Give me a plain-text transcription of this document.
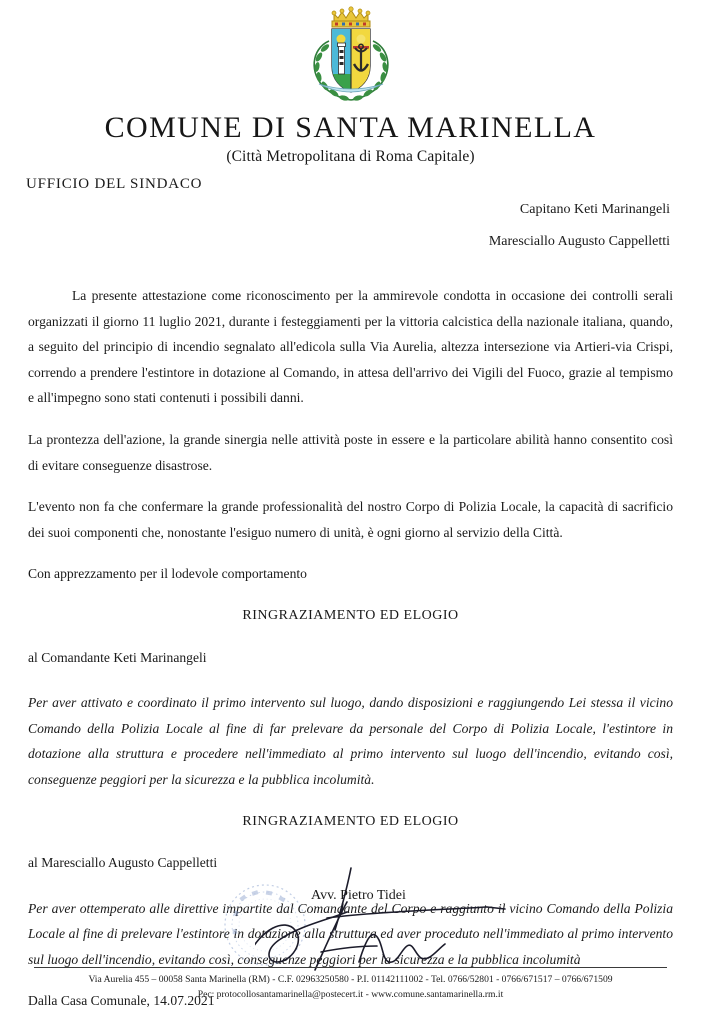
COMUNE DI SANTA MARINELLA
(Città Metropolitana di Roma Capitale)
UFFICIO DEL SINDACO
Capitano Keti Marinangeli
Maresciallo Augusto Cappelletti

La presente attestazione come riconoscimento per la ammirevole condotta in occasione dei controlli serali organizzati il giorno 11 luglio 2021, durante i festeggiamenti per la vittoria calcistica della nazionale italiana, quando, a seguito del principio di incendio segnalato all'edicola sulla Via Aurelia, altezza intersezione via Artieri-via Crispi, correndo a prendere l'estintore in dotazione al Comando, in attesa dell'arrivo dei Vigili del Fuoco, grazie al tempismo e all'impegno sono stati contenuti i possibili danni.

La prontezza dell'azione, la grande sinergia nelle attività poste in essere e la particolare abilità hanno consentito così di evitare conseguenze disastrose.

L'evento non fa che confermare la grande professionalità del nostro Corpo di Polizia Locale, la capacità di sacrificio dei suoi componenti che, nonostante l'esiguo numero di unità, è ogni giorno al servizio della Città.

Con apprezzamento per il lodevole comportamento

RINGRAZIAMENTO ED ELOGIO

al Comandante Keti Marinangeli

Per aver attivato e coordinato il primo intervento sul luogo, dando disposizioni e raggiungendo Lei stessa il vicino Comando della Polizia Locale al fine di far prelevare da personale del Corpo di Polizia Locale, l'estintore in dotazione alla struttura e procedere nell'immediato al primo intervento sul luogo dell'incendio, evitando così, conseguenze peggiori per la sicurezza e la pubblica incolumità.

RINGRAZIAMENTO ED ELOGIO

al Maresciallo Augusto Cappelletti

Per aver ottemperato alle direttive impartite dal Comandante del Corpo e raggiunto il vicino Comando della Polizia Locale al fine di prelevare l'estintore in dotazione alla struttura ed aver proceduto nell'immediato al primo intervento sul luogo dell'incendio, evitando così, conseguenze peggiori per la sicurezza e la pubblica incolumità

Dalla Casa Comunale, 14.07.2021

Avv. Pietro Tidei
Via Aurelia 455 – 00058 Santa Marinella (RM) - C.F. 02963250580 - P.I. 01142111002 - Tel. 0766/52801 - 0766/671517 – 0766/671509
Pec: protocollosantamarinella@postecert.it - www.comune.santamarinella.rm.it
